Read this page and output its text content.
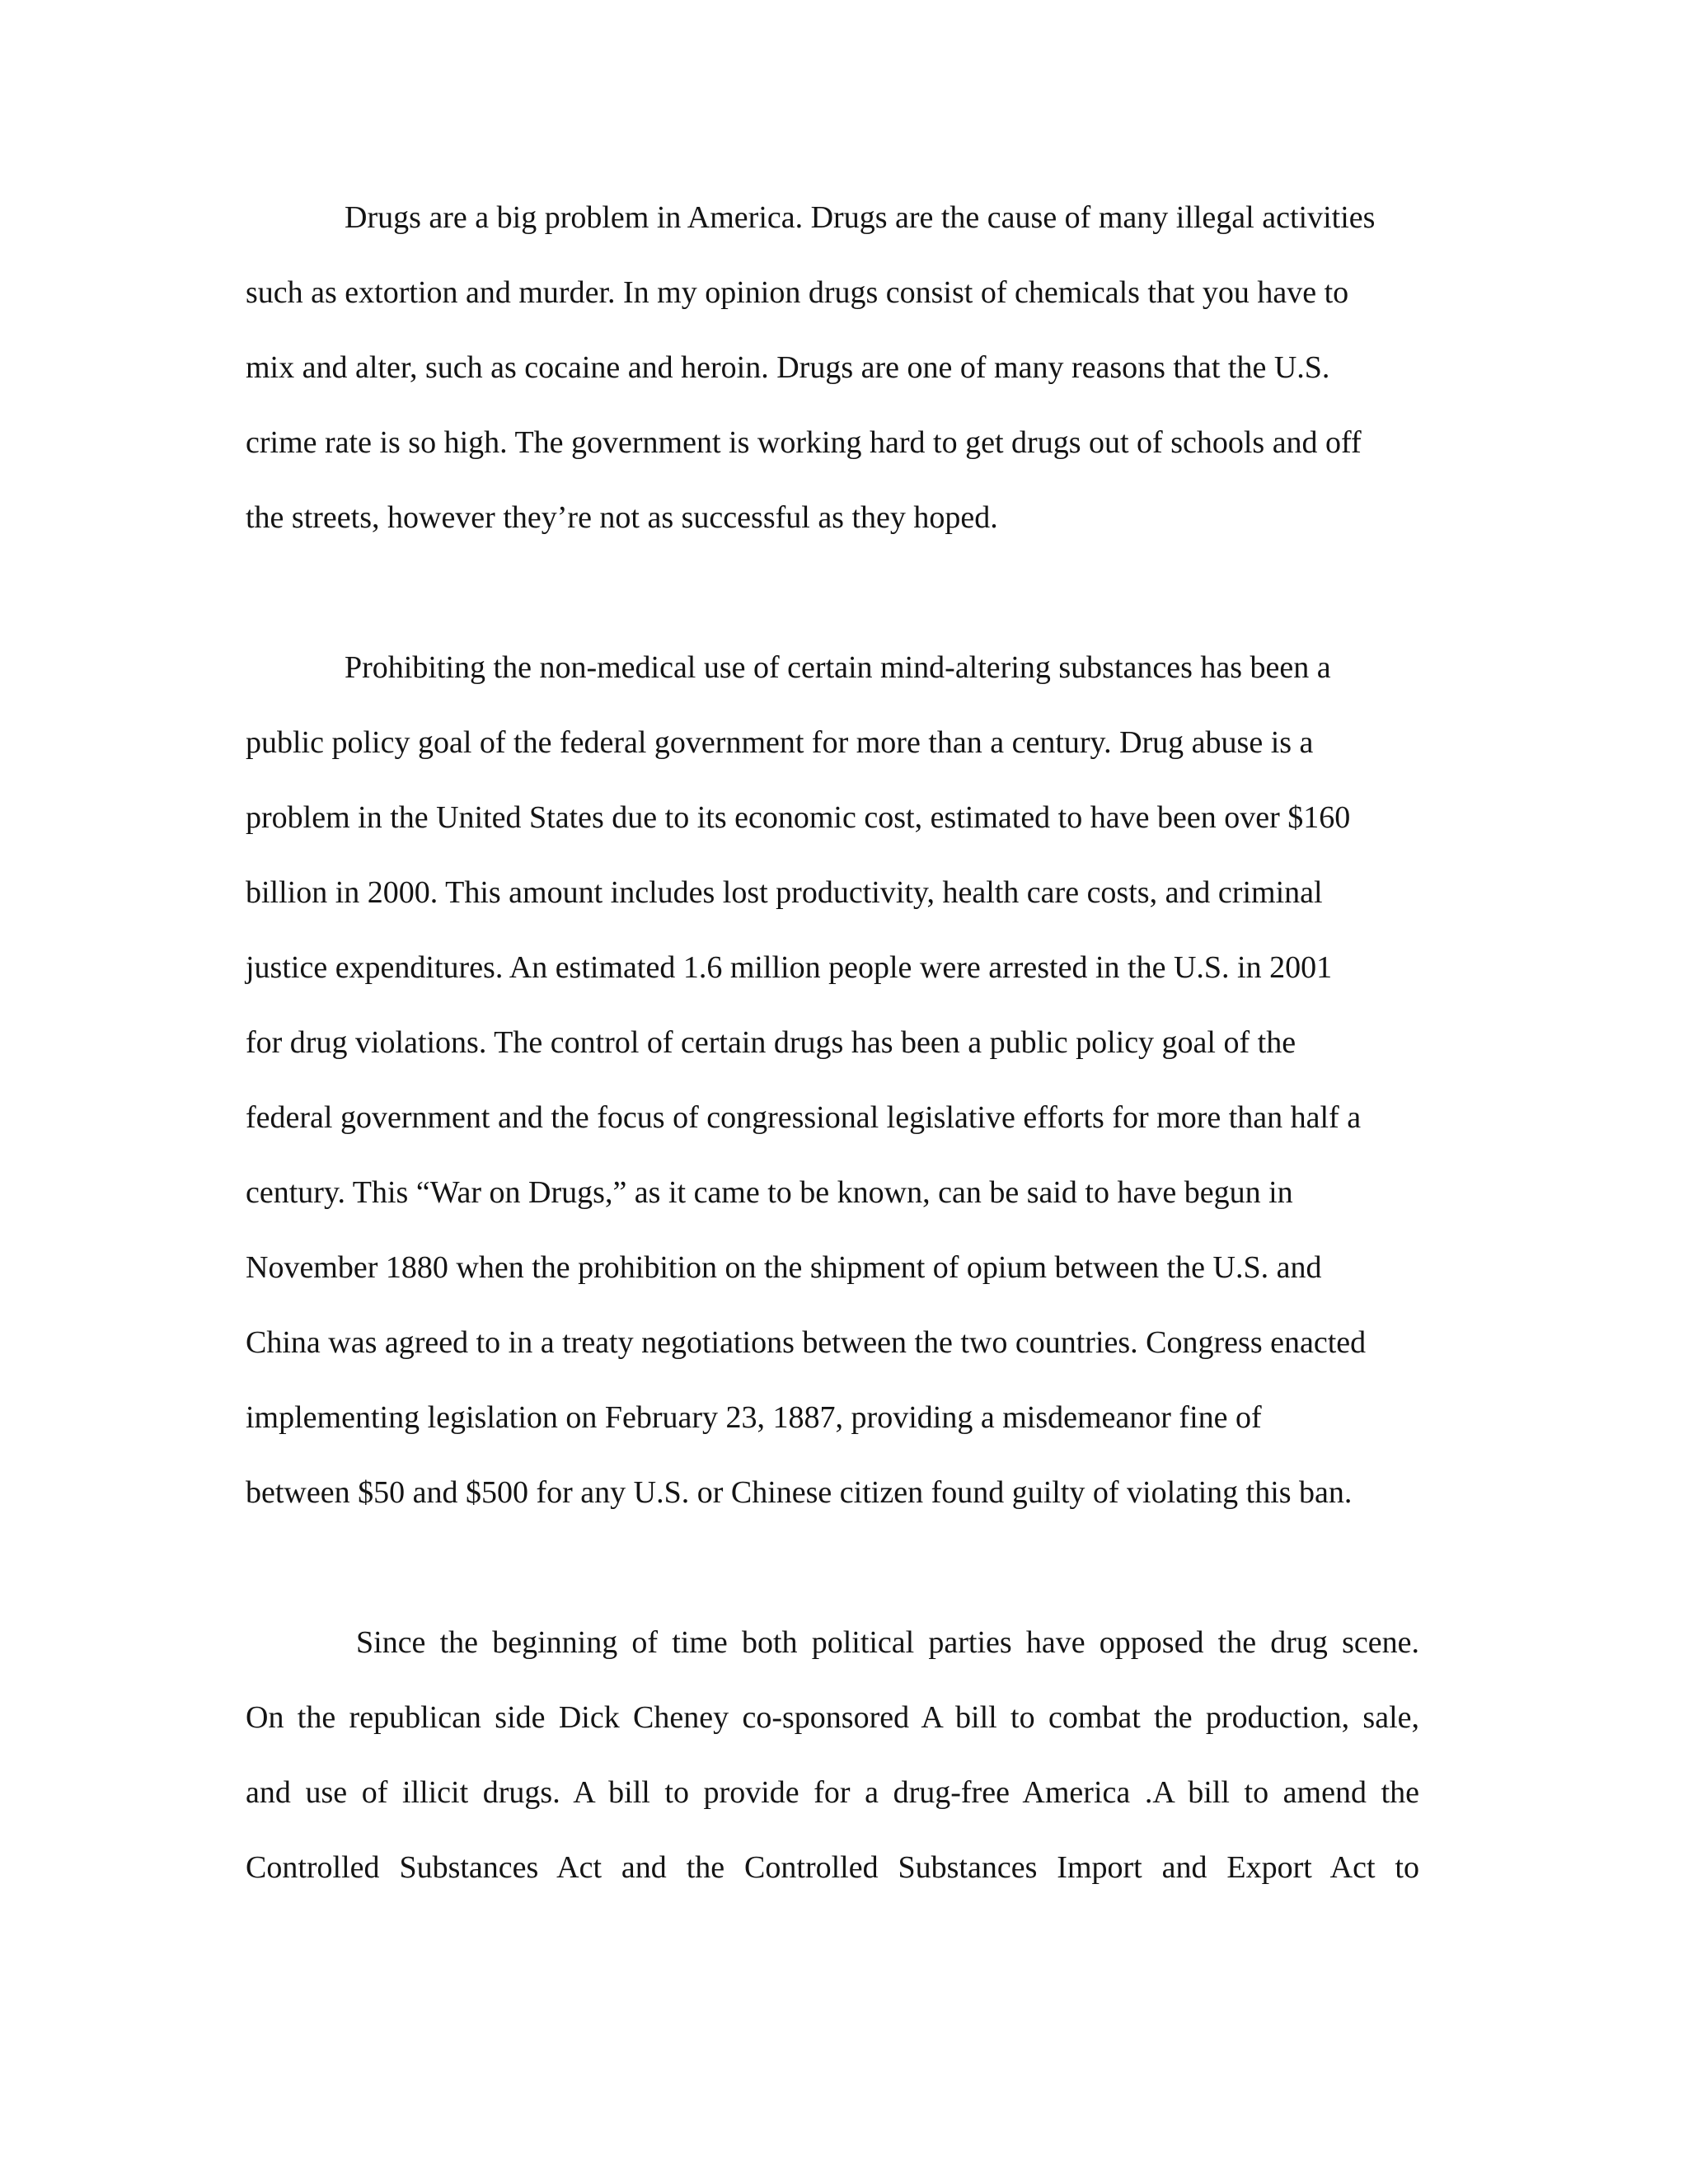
Drugs are a big problem in America. Drugs are the cause of many illegal activities

such as extortion and murder. In my opinion drugs consist of chemicals that you have to

mix and alter, such as cocaine and heroin. Drugs are one of many reasons that the U.S.

crime rate is so high. The government is working hard to get drugs out of schools and off

the streets, however they’re not as successful as they hoped.

Prohibiting the non-medical use of certain mind-altering substances has been a

public policy goal of the federal government for more than a century. Drug abuse is a

problem in the United States due to its economic cost, estimated to have been over $160

billion in 2000. This amount includes lost productivity, health care costs, and criminal

justice expenditures. An estimated 1.6 million people were arrested in the U.S. in 2001

for drug violations. The control of certain drugs has been a public policy goal of the

federal government and the focus of congressional legislative efforts for more than half a

century. This “War on Drugs,” as it came to be known, can be said to have begun in

November 1880 when the prohibition on the shipment of opium between the U.S. and

China was agreed to in a treaty negotiations between the two countries. Congress enacted

implementing legislation on February 23, 1887, providing a misdemeanor fine of

between $50 and $500 for any U.S. or Chinese citizen found guilty of violating this ban.

Since the beginning of time both political parties have opposed the drug scene.

On the republican side Dick Cheney co-sponsored A bill to combat the production, sale,

and use of illicit drugs. A bill to provide for a drug-free America .A bill to amend the

Controlled Substances Act and the Controlled Substances Import and Export Act to
